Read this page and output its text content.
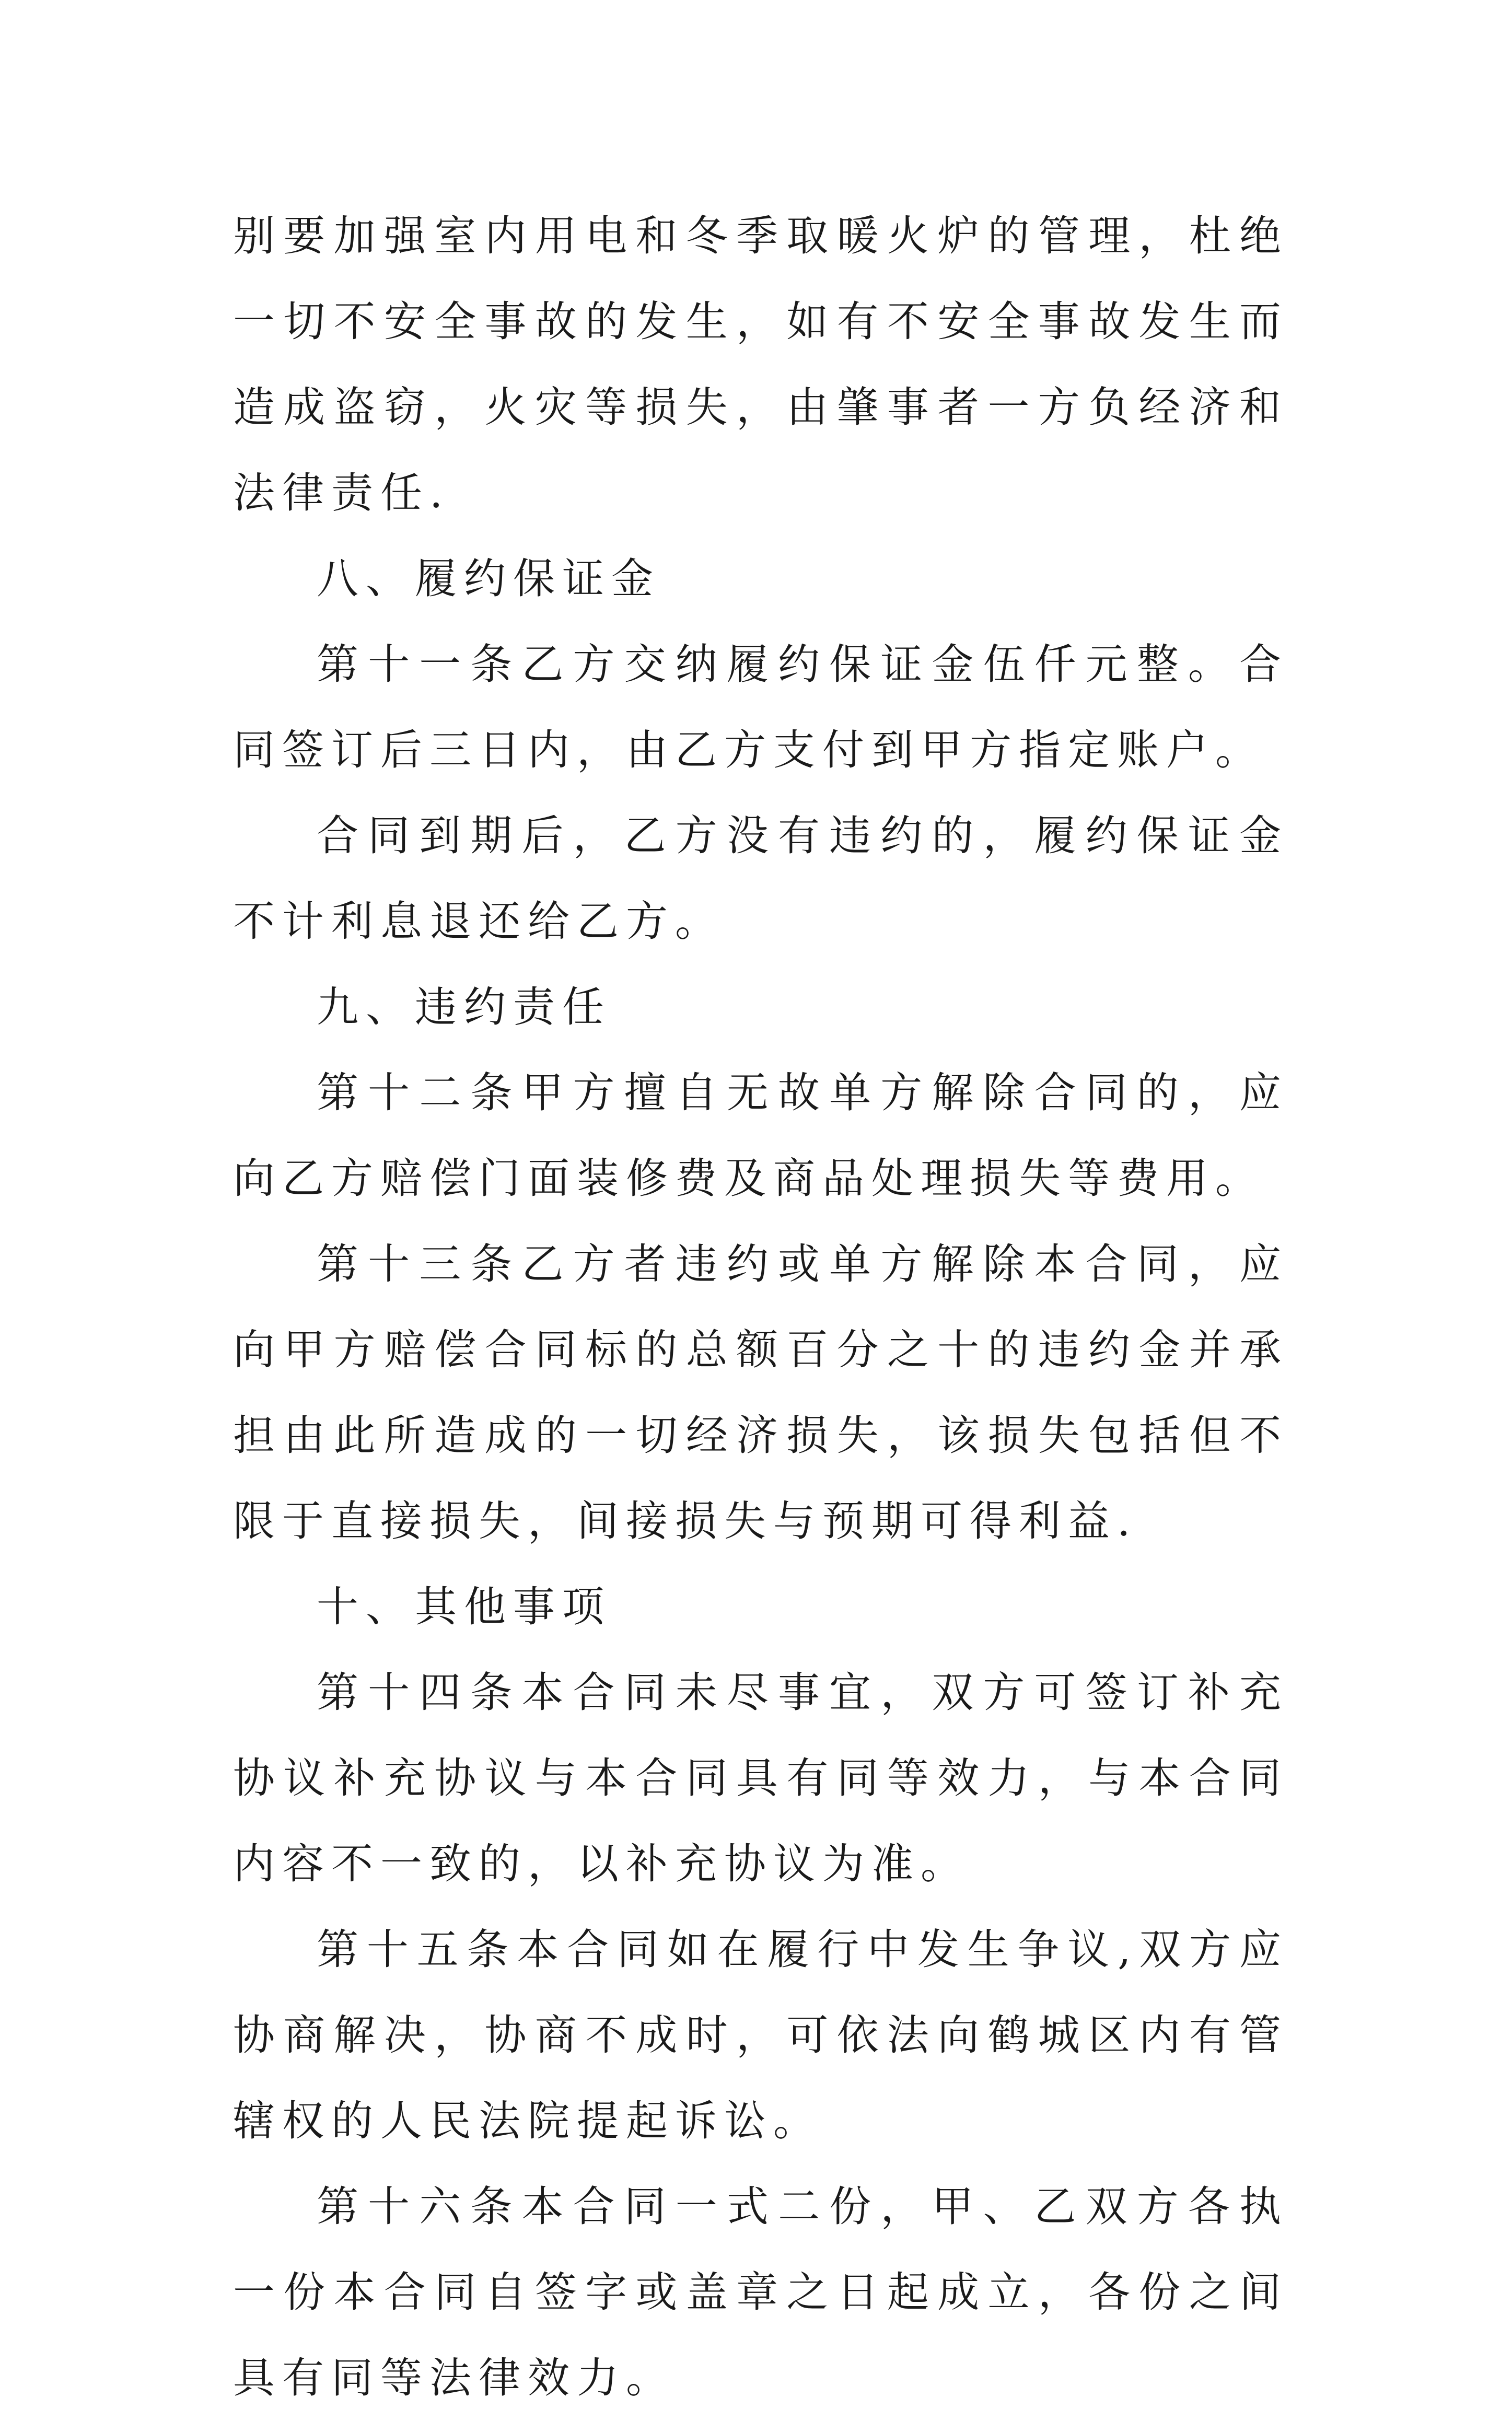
别要加强室内用电和冬季取暖火炉的管理，杜绝一切不安全事故的发生，如有不安全事故发生而造成盗窃，火灾等损失，由肇事者一方负经济和法律责任.

八、履约保证金

第十一条乙方交纳履约保证金伍仟元整。合同签订后三日内，由乙方支付到甲方指定账户。

合同到期后，乙方没有违约的，履约保证金不计利息退还给乙方。

九、违约责任

第十二条甲方擅自无故单方解除合同的，应向乙方赔偿门面装修费及商品处理损失等费用。

第十三条乙方者违约或单方解除本合同，应向甲方赔偿合同标的总额百分之十的违约金并承担由此所造成的一切经济损失，该损失包括但不限于直接损失，间接损失与预期可得利益.

十、其他事项

第十四条本合同未尽事宜，双方可签订补充协议补充协议与本合同具有同等效力，与本合同内容不一致的，以补充协议为准。

第十五条本合同如在履行中发生争议,双方应协商解决，协商不成时，可依法向鹤城区内有管辖权的人民法院提起诉讼。

第十六条本合同一式二份，甲、乙双方各执一份本合同自签字或盖章之日起成立，各份之间具有同等法律效力。
